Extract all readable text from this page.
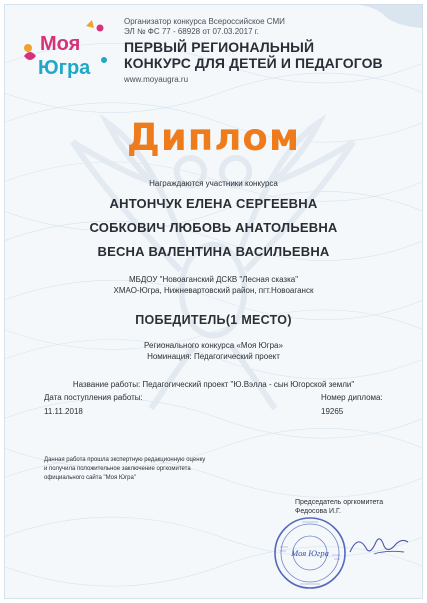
Моя
Югра
Организатор конкурса Всероссийское СМИ
ЭЛ № ФС 77 - 68928 от 07.03.2017 г.
ПЕРВЫЙ РЕГИОНАЛЬНЫЙ
КОНКУРС ДЛЯ ДЕТЕЙ И ПЕДАГОГОВ
www.moyaugra.ru
Диплом
Награждаются участники конкурса
АНТОНЧУК ЕЛЕНА СЕРГЕЕВНА
СОБКОВИЧ ЛЮБОВЬ АНАТОЛЬЕВНА
ВЕСНА ВАЛЕНТИНА ВАСИЛЬЕВНА
МБДОУ "Новоаганский ДСКВ "Лесная сказка"
ХМАО-Югра, Нижневартовский район, пгт.Новоаганск
ПОБЕДИТЕЛЬ(1 МЕСТО)
Регионального конкурса «Моя Югра»
Номинация: Педагогический проект
Название работы: Педагогический проект "Ю.Вэлла - сын Югорской земли"
Дата поступления работы:
11.11.2018
Номер диплома:
19265
Данная работа прошла экспертную редакционную оценку
и получила положительное заключение оргкомитета
официального сайта "Моя Югра"
Председатель оргкомитета
Федосова И.Г.
Моя Югра
